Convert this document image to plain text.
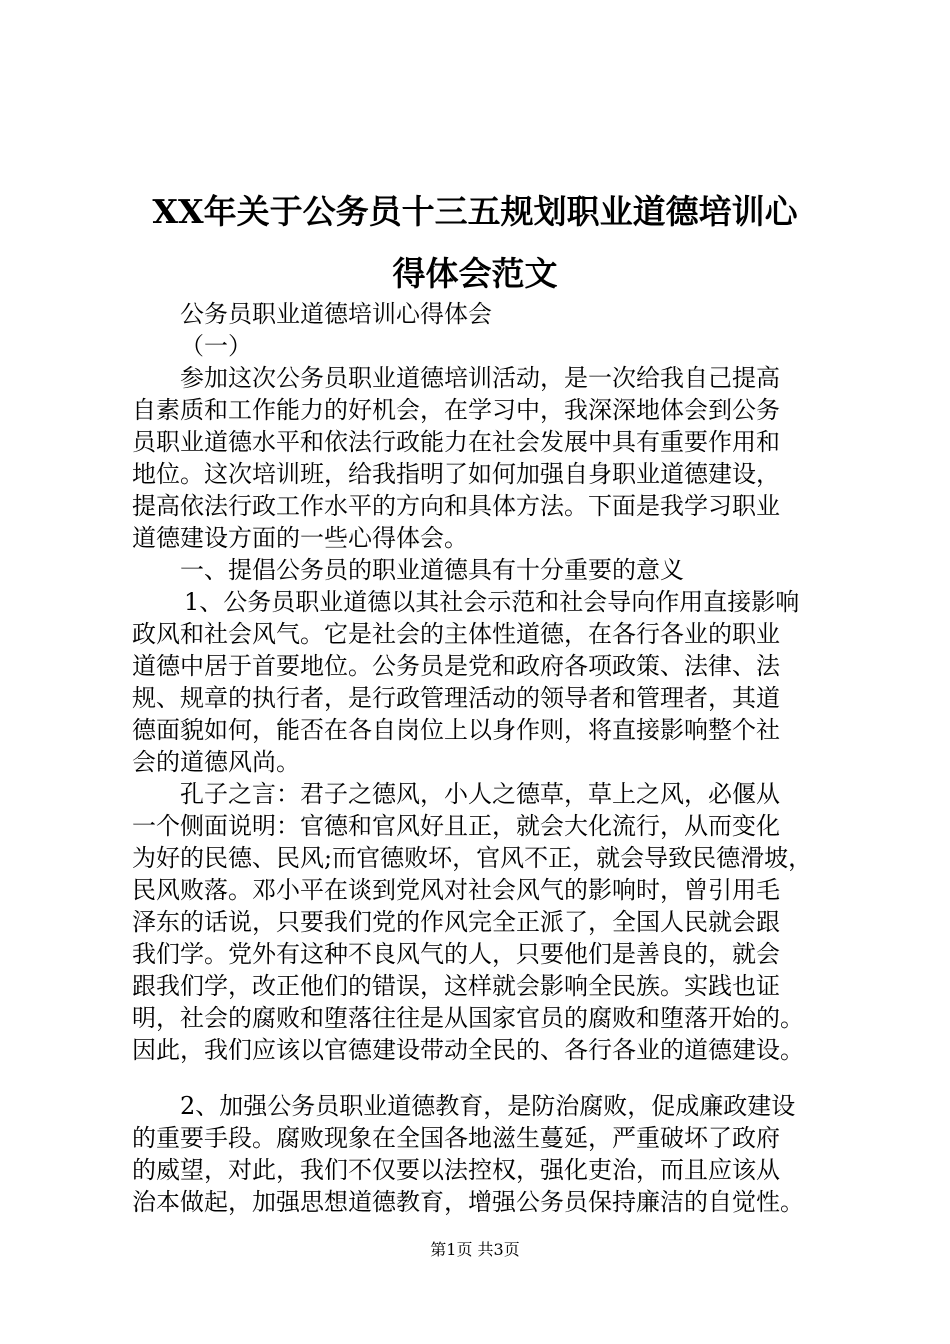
XX年关于公务员十三五规划职业道德培训心
得体会范文
公务员职业道德培训心得体会
（一）
参加这次公务员职业道德培训活动，是一次给我自己提高
自素质和工作能力的好机会，在学习中，我深深地体会到公务
员职业道德水平和依法行政能力在社会发展中具有重要作用和
地位。这次培训班，给我指明了如何加强自身职业道德建设，
提高依法行政工作水平的方向和具体方法。下面是我学习职业
道德建设方面的一些心得体会。
一、提倡公务员的职业道德具有十分重要的意义
1、公务员职业道德以其社会示范和社会导向作用直接影响
政风和社会风气。它是社会的主体性道德，在各行各业的职业
道德中居于首要地位。公务员是党和政府各项政策、法律、法
规、规章的执行者，是行政管理活动的领导者和管理者，其道
德面貌如何，能否在各自岗位上以身作则，将直接影响整个社
会的道德风尚。
孔子之言：君子之德风，小人之德草，草上之风，必偃从
一个侧面说明：官德和官风好且正，就会大化流行，从而变化
为好的民德、民风;而官德败坏，官风不正，就会导致民德滑坡，
民风败落。邓小平在谈到党风对社会风气的影响时，曾引用毛
泽东的话说，只要我们党的作风完全正派了，全国人民就会跟
我们学。党外有这种不良风气的人，只要他们是善良的，就会
跟我们学，改正他们的错误，这样就会影响全民族。实践也证
明，社会的腐败和堕落往往是从国家官员的腐败和堕落开始的。
因此，我们应该以官德建设带动全民的、各行各业的道德建设。
2、加强公务员职业道德教育，是防治腐败，促成廉政建设
的重要手段。腐败现象在全国各地滋生蔓延，严重破坏了政府
的威望，对此，我们不仅要以法控权，强化吏治，而且应该从
治本做起，加强思想道德教育，增强公务员保持廉洁的自觉性。
第1页 共3页
